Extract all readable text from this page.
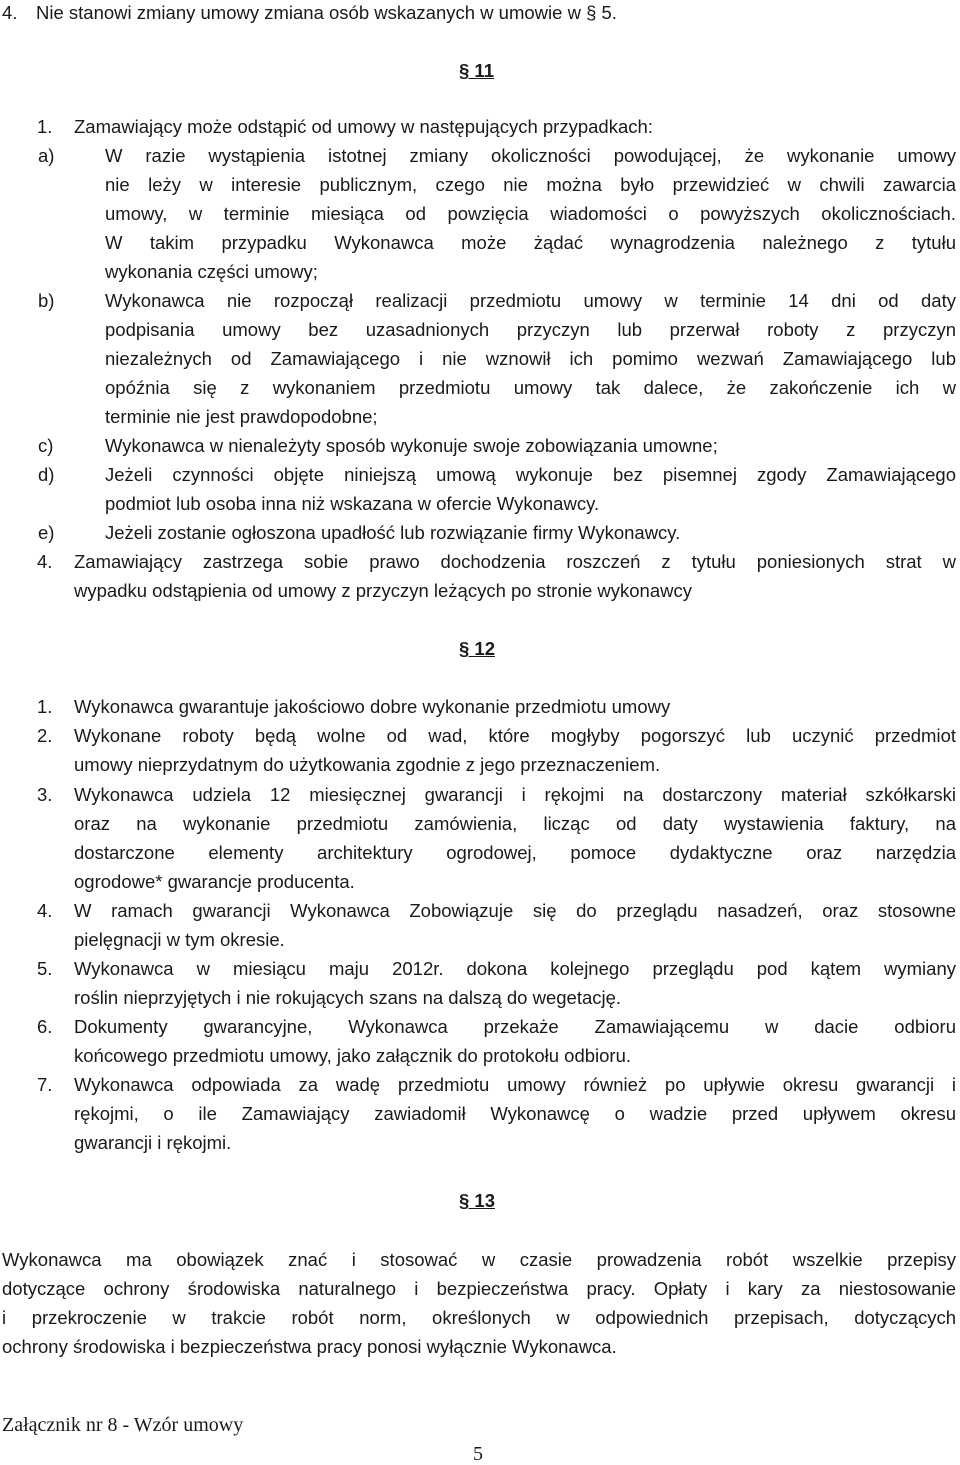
4. Nie stanowi zmiany umowy zmiana osób wskazanych w umowie w § 5.
§ 11
1. Zamawiający może odstąpić od umowy w następujących przypadkach:
a)	W razie wystąpienia istotnej zmiany okoliczności powodującej, że wykonanie umowy
nie leży w interesie publicznym, czego nie można było przewidzieć w chwili zawarcia
umowy, w terminie miesiąca od powzięcia wiadomości o powyższych okolicznościach.
W takim przypadku Wykonawca może żądać wynagrodzenia należnego z tytułu
wykonania części umowy;
b)	Wykonawca nie rozpoczął realizacji przedmiotu umowy w terminie 14 dni od daty
podpisania umowy bez uzasadnionych przyczyn lub przerwał roboty z przyczyn
niezależnych od Zamawiającego i nie wznowił ich pomimo wezwań Zamawiającego lub
opóźnia się z wykonaniem przedmiotu umowy tak dalece, że zakończenie ich w
terminie nie jest prawdopodobne;
c)	Wykonawca w nienależyty sposób wykonuje swoje zobowiązania umowne;
d)	Jeżeli czynności objęte niniejszą umową wykonuje bez pisemnej zgody Zamawiającego
podmiot lub osoba inna niż wskazana w ofercie Wykonawcy.
e)	Jeżeli zostanie ogłoszona upadłość lub rozwiązanie firmy Wykonawcy.
4. Zamawiający zastrzega sobie prawo dochodzenia roszczeń z tytułu poniesionych strat w
wypadku odstąpienia od umowy z przyczyn leżących po stronie wykonawcy
§ 12
1. Wykonawca gwarantuje jakościowo dobre wykonanie przedmiotu umowy
2. Wykonane roboty będą wolne od wad, które mogłyby pogorszyć lub uczynić przedmiot
umowy nieprzydatnym do użytkowania zgodnie z jego przeznaczeniem.
3. Wykonawca udziela 12 miesięcznej gwarancji i rękojmi na dostarczony materiał szkółkarski
oraz na wykonanie przedmiotu zamówienia, licząc od daty wystawienia faktury, na
dostarczone elementy architektury ogrodowej, pomoce dydaktyczne oraz narzędzia
ogrodowe* gwarancje producenta.
4. W ramach gwarancji Wykonawca Zobowiązuje się do przeglądu nasadzeń, oraz stosowne
pielęgnacji w tym okresie.
5. Wykonawca w miesiącu maju 2012r. dokona kolejnego przeglądu pod kątem wymiany
roślin nieprzyjętych i nie rokujących szans na dalszą do wegetację.
6. Dokumenty gwarancyjne, Wykonawca przekaże Zamawiającemu w dacie odbioru
końcowego przedmiotu umowy, jako załącznik do protokołu odbioru.
7. Wykonawca odpowiada za wadę przedmiotu umowy również po upływie okresu gwarancji i
rękojmi, o ile Zamawiający zawiadomił Wykonawcę o wadzie przed upływem okresu
gwarancji i rękojmi.
§ 13
Wykonawca ma obowiązek znać i stosować w czasie prowadzenia robót wszelkie przepisy
dotyczące ochrony środowiska naturalnego i bezpieczeństwa pracy. Opłaty i kary za niestosowanie
i przekroczenie w trakcie robót norm, określonych w odpowiednich przepisach, dotyczących
ochrony środowiska i bezpieczeństwa pracy ponosi wyłącznie Wykonawca.
Załącznik nr 8 - Wzór umowy
5
